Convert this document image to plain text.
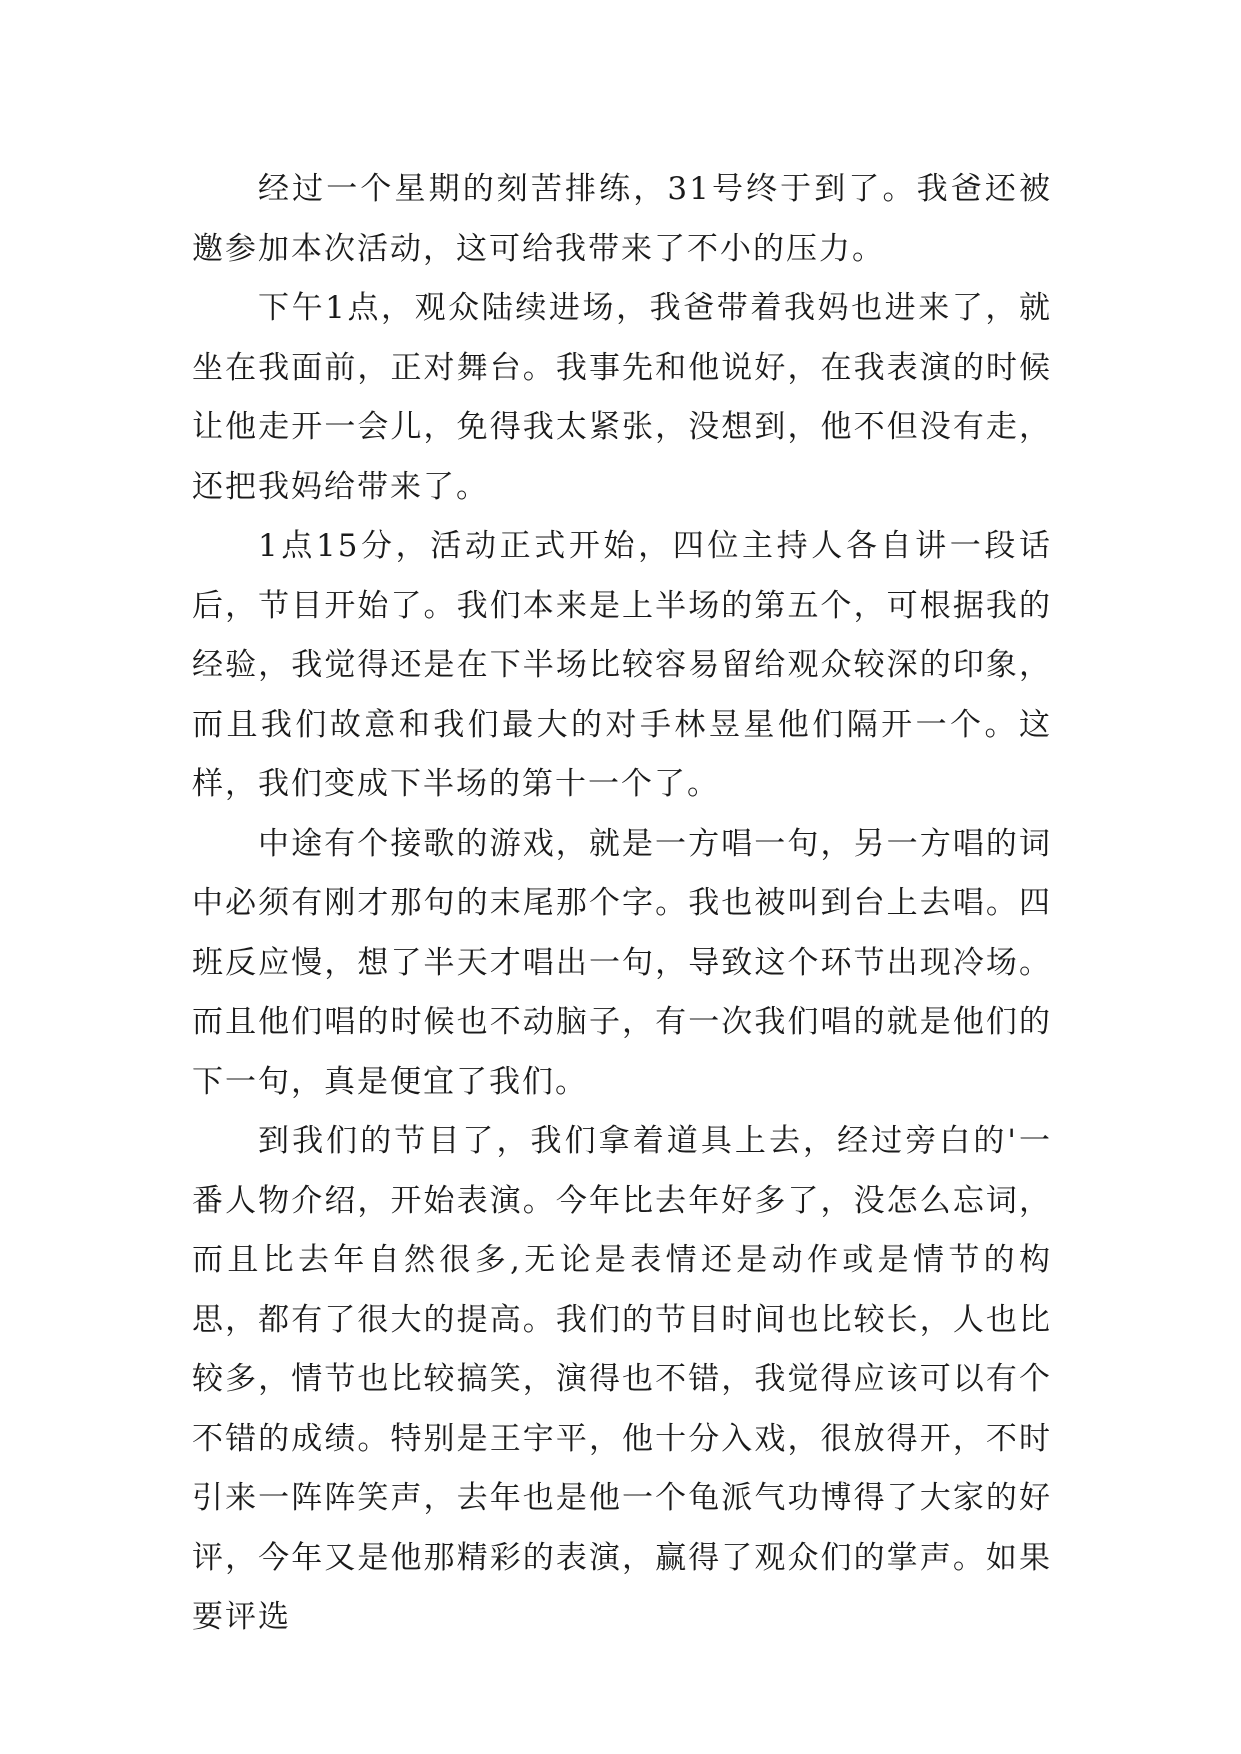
经过一个星期的刻苦排练，31号终于到了。我爸还被邀参加本次活动，这可给我带来了不小的压力。

下午1点，观众陆续进场，我爸带着我妈也进来了，就坐在我面前，正对舞台。我事先和他说好，在我表演的时候让他走开一会儿，免得我太紧张，没想到，他不但没有走，还把我妈给带来了。

1点15分，活动正式开始，四位主持人各自讲一段话后，节目开始了。我们本来是上半场的第五个，可根据我的经验，我觉得还是在下半场比较容易留给观众较深的印象，而且我们故意和我们最大的对手林昱星他们隔开一个。这样，我们变成下半场的第十一个了。

中途有个接歌的游戏，就是一方唱一句，另一方唱的词中必须有刚才那句的末尾那个字。我也被叫到台上去唱。四班反应慢，想了半天才唱出一句，导致这个环节出现冷场。而且他们唱的时候也不动脑子，有一次我们唱的就是他们的下一句，真是便宜了我们。

到我们的节目了，我们拿着道具上去，经过旁白的'一番人物介绍，开始表演。今年比去年好多了，没怎么忘词，而且比去年自然很多,无论是表情还是动作或是情节的构思，都有了很大的提高。我们的节目时间也比较长，人也比较多，情节也比较搞笑，演得也不错，我觉得应该可以有个不错的成绩。特别是王宇平，他十分入戏，很放得开，不时引来一阵阵笑声，去年也是他一个龟派气功博得了大家的好评，今年又是他那精彩的表演，赢得了观众们的掌声。如果要评选
